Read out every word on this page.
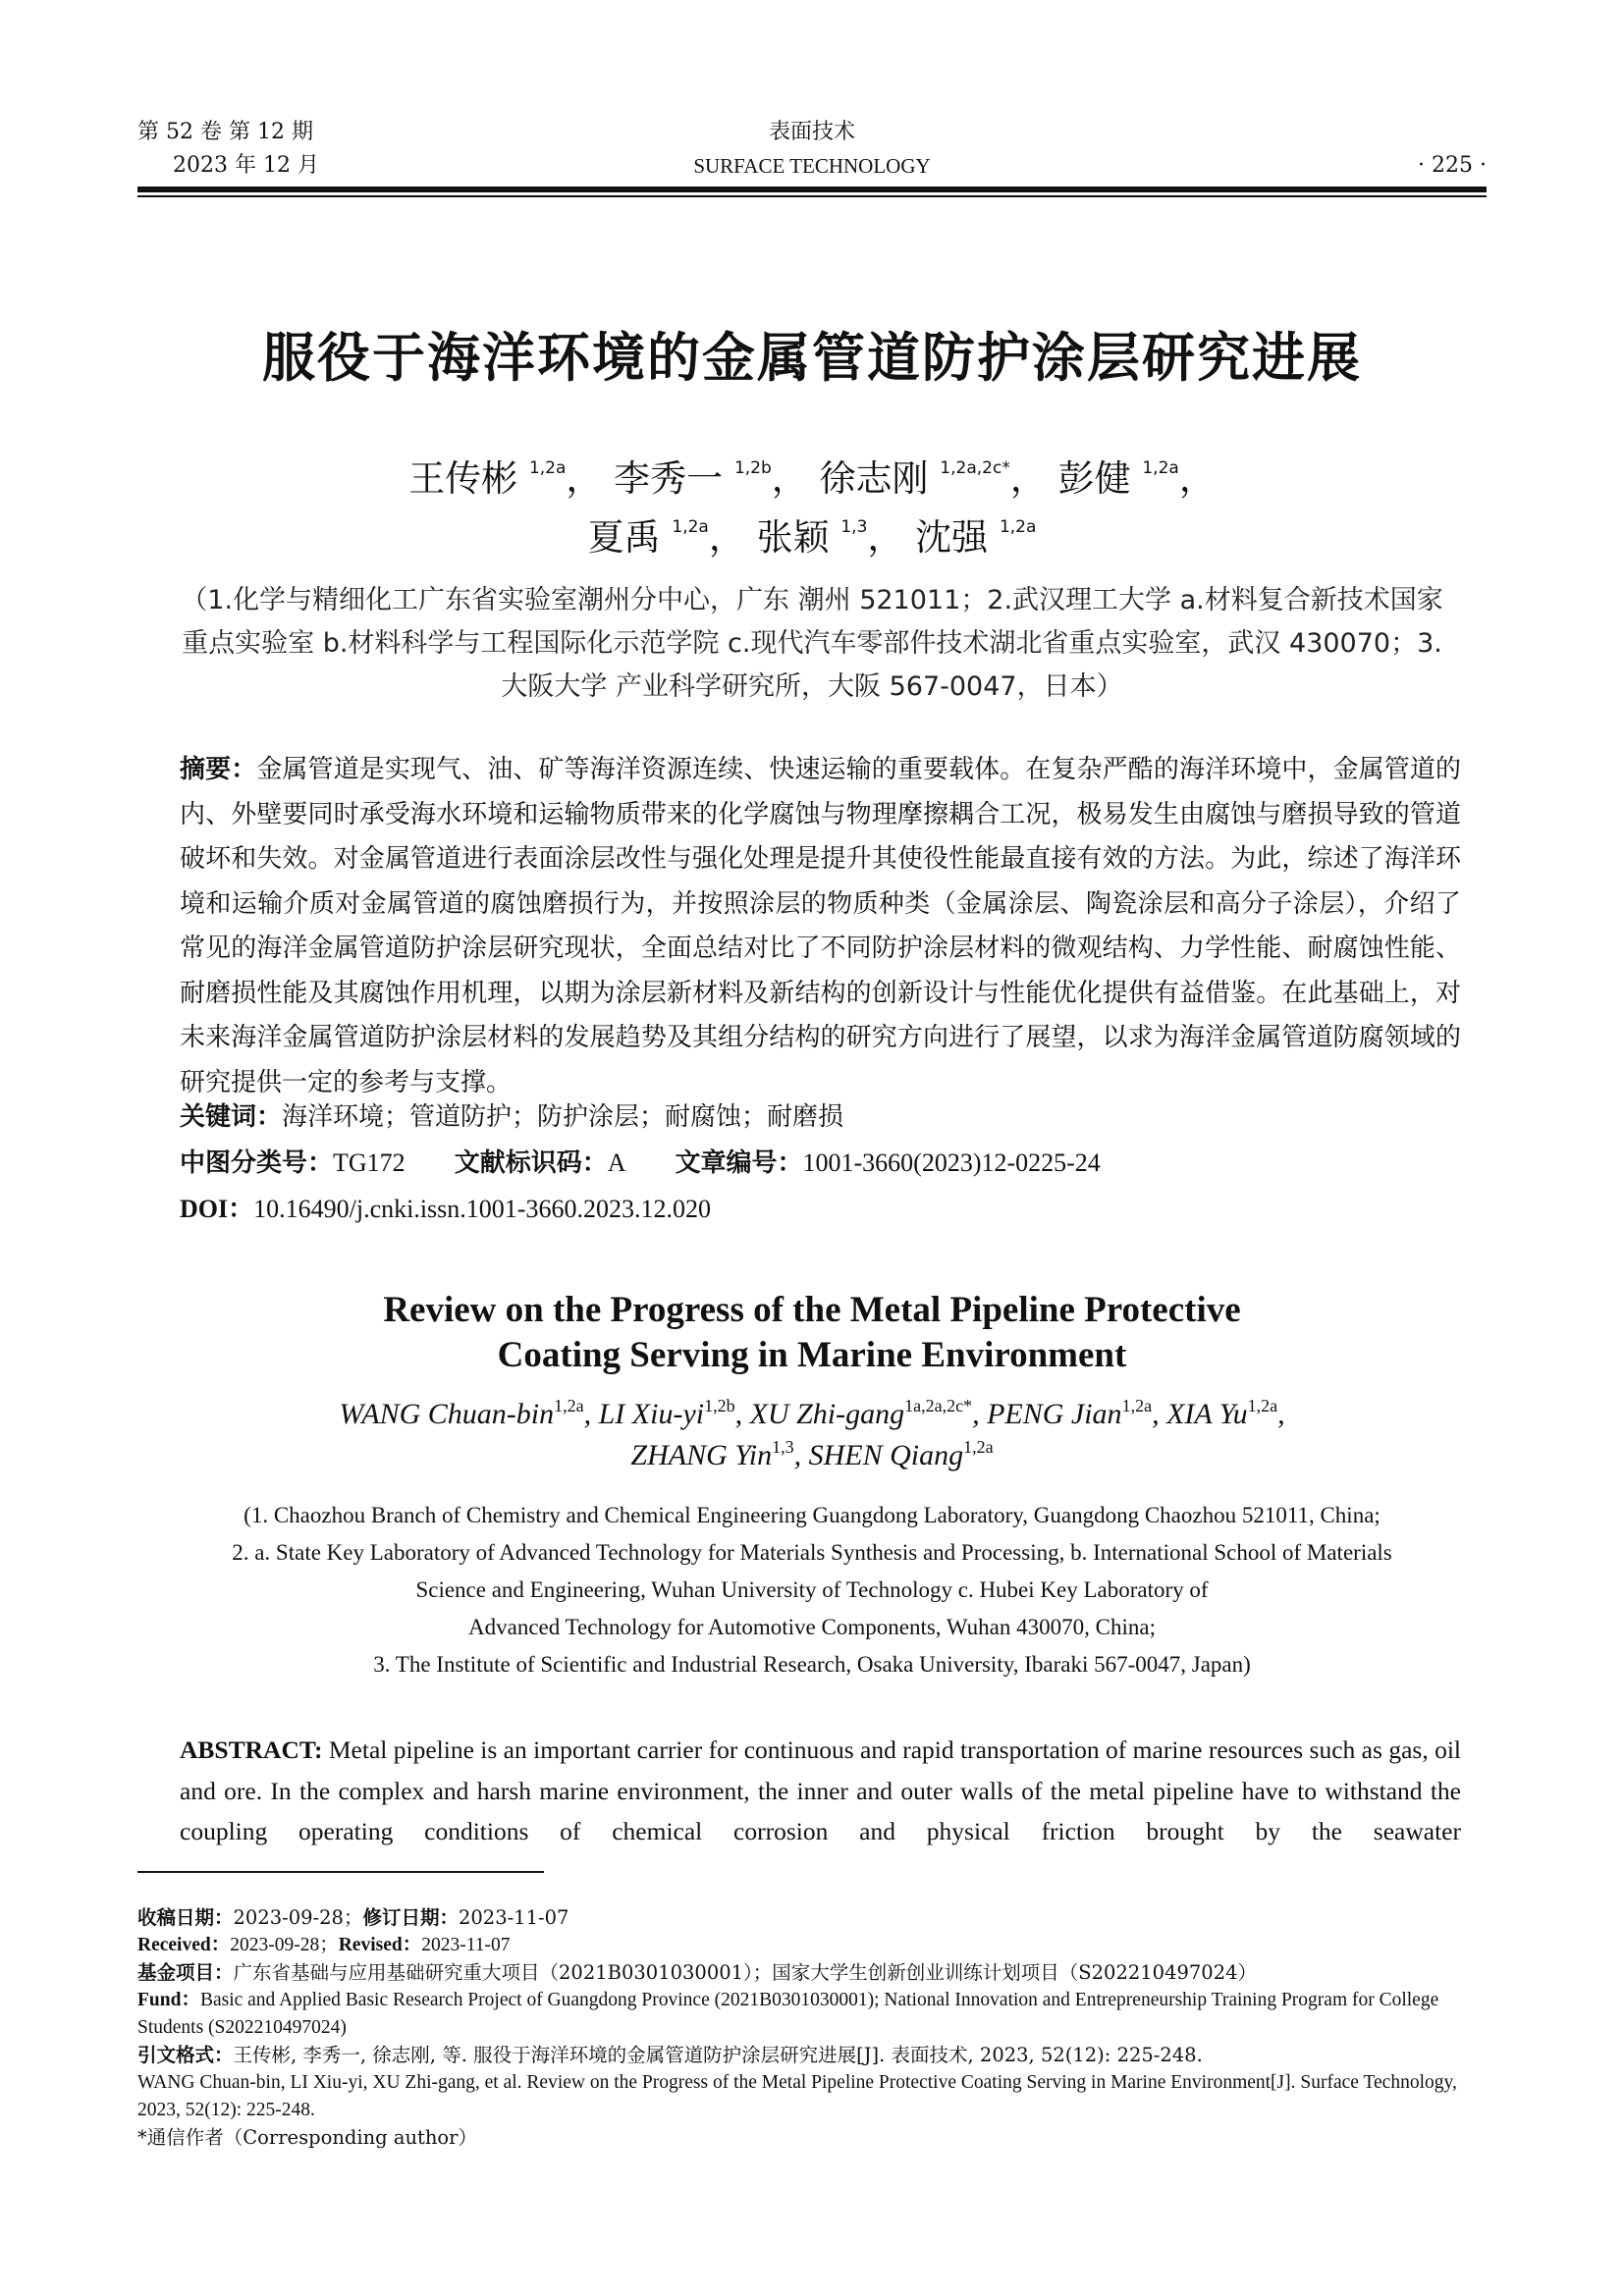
第 52 卷 第 12 期
2023 年 12 月
表面技术
SURFACE TECHNOLOGY	· 225 ·
服役于海洋环境的金属管道防护涂层研究进展
王传彬 $^{1,2a}$， 李秀一 $^{1,2b}$， 徐志刚 $^{1,2a,2c*}$， 彭健 $^{1,2a}$，
夏禹 $^{1,2a}$， 张颖 $^{1,3}$， 沈强 $^{1,2a}$
（1.化学与精细化工广东省实验室潮州分中心，广东 潮州 521011；2.武汉理工大学 a.材料复合新技术国家重点实验室 b.材料科学与工程国际化示范学院 c.现代汽车零部件技术湖北省重点实验室，武汉 430070；3.大阪大学 产业科学研究所，大阪 567-0047，日本）
摘要：金属管道是实现气、油、矿等海洋资源连续、快速运输的重要载体。在复杂严酷的海洋环境中，金属管道的内、外壁要同时承受海水环境和运输物质带来的化学腐蚀与物理摩擦耦合工况，极易发生由腐蚀与磨损导致的管道破坏和失效。对金属管道进行表面涂层改性与强化处理是提升其使役性能最直接有效的方法。为此，综述了海洋环境和运输介质对金属管道的腐蚀磨损行为，并按照涂层的物质种类（金属涂层、陶瓷涂层和高分子涂层），介绍了常见的海洋金属管道防护涂层研究现状，全面总结对比了不同防护涂层材料的微观结构、力学性能、耐腐蚀性能、耐磨损性能及其腐蚀作用机理，以期为涂层新材料及新结构的创新设计与性能优化提供有益借鉴。在此基础上，对未来海洋金属管道防护涂层材料的发展趋势及其组分结构的研究方向进行了展望，以求为海洋金属管道防腐领域的研究提供一定的参考与支撑。
关键词：海洋环境；管道防护；防护涂层；耐腐蚀；耐磨损
中图分类号：TG172 文献标识码：A 文章编号：1001-3660(2023)12-0225-24
DOI：10.16490/j.cnki.issn.1001-3660.2023.12.020
Review on the Progress of the Metal Pipeline Protective
Coating Serving in Marine Environment
WANG Chuan-bin$^{1,2a}$, LI Xiu-$yi^{1,2b}$, XU Zhi-gang$^{1a,2a,2c*}$, PENG Jian$^{1,2a}$, XIA $Yu^{1,2a}$,
ZHANG Yin$^{1,3}$, SHEN Qiang$^{1,2a}$
(1. Chaozhou Branch of Chemistry and Chemical Engineering Guangdong Laboratory, Guangdong Chaozhou 521011, China;
2. a. State Key Laboratory of Advanced Technology for Materials Synthesis and Processing, b. International School of Materials
Science and Engineering, Wuhan University of Technology c. Hubei Key Laboratory of
Advanced Technology for Automotive Components, Wuhan 430070, China;
3. The Institute of Scientific and Industrial Research, Osaka University, Ibaraki 567-0047, Japan)
ABSTRACT: Metal pipeline is an important carrier for continuous and rapid transportation of marine resources such as gas, oil and ore. In the complex and harsh marine environment, the inner and outer walls of the metal pipeline have to withstand the coupling operating conditions of chemical corrosion and physical friction brought by the seawater

收稿日期：2023-09-28；修订日期：2023-11-07

Received：2023-09-28；Revised：2023-11-07

基金项目：广东省基础与应用基础研究重大项目（2021B0301030001）；国家大学生创新创业训练计划项目（S202210497024）

Fund：Basic and Applied Basic Research Project of Guangdong Province (2021B0301030001); National Innovation and Entrepreneurship Training Program for College Students (S202210497024)

引文格式：王传彬, 李秀一, 徐志刚, 等. 服役于海洋环境的金属管道防护涂层研究进展[J]. 表面技术, 2023, 52(12): 225-248.

WANG Chuan-bin, LI Xiu-yi, XU Zhi-gang, et al. Review on the Progress of the Metal Pipeline Protective Coating Serving in Marine Environment[J]. Surface Technology, 2023, 52(12): 225-248.

*通信作者（Corresponding author）
